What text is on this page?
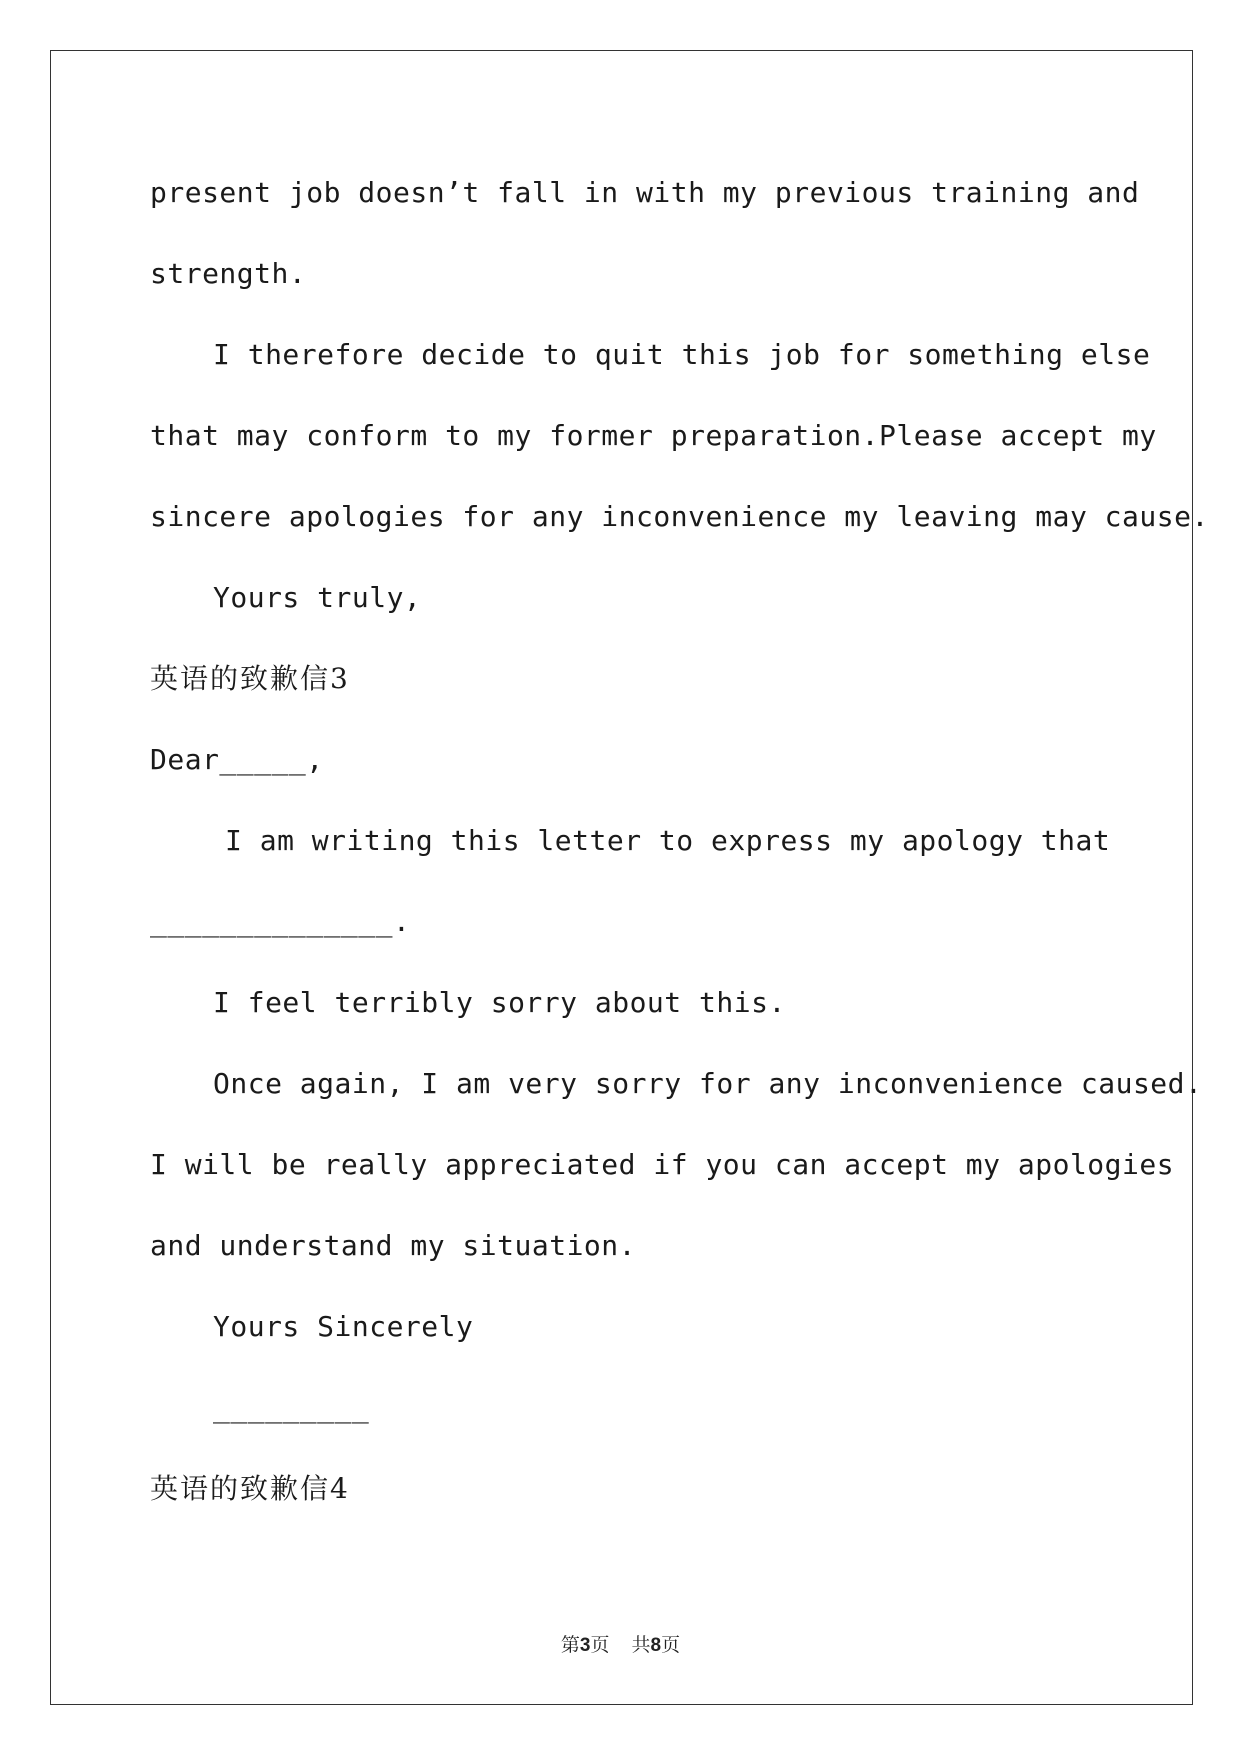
present job doesn’t fall in with my previous training and
strength.
I therefore decide to quit this job for something else
that may conform to my former preparation.Please accept my
sincere apologies for any inconvenience my leaving may cause.
Yours truly,
英语的致歉信3
Dear_____,
I am writing this letter to express my apology that
______________.
I feel terribly sorry about this.
Once again, I am very sorry for any inconvenience caused.
I will be really appreciated if you can accept my apologies
and understand my situation.
Yours Sincerely
_________
英语的致歉信4
第3页 共8页
